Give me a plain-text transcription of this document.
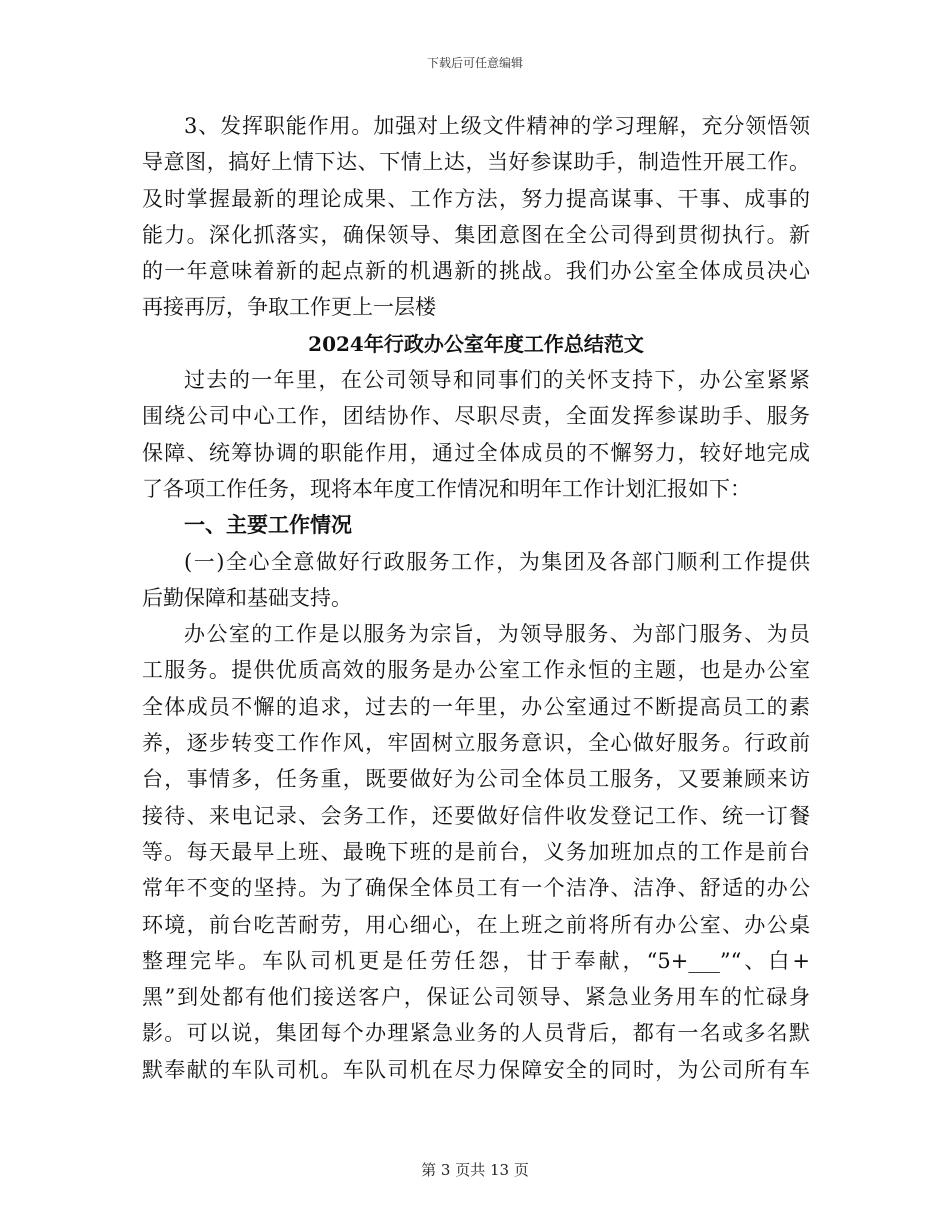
下载后可任意编辑
3、发挥职能作用。加强对上级文件精神的学习理解，充分领悟领
导意图，搞好上情下达、下情上达，当好参谋助手，制造性开展工作。
及时掌握最新的理论成果、工作方法，努力提高谋事、干事、成事的
能力。深化抓落实，确保领导、集团意图在全公司得到贯彻执行。新
的一年意味着新的起点新的机遇新的挑战。我们办公室全体成员决心
再接再厉，争取工作更上一层楼
2024年行政办公室年度工作总结范文
过去的一年里，在公司领导和同事们的关怀支持下，办公室紧紧
围绕公司中心工作，团结协作、尽职尽责，全面发挥参谋助手、服务
保障、统筹协调的职能作用，通过全体成员的不懈努力，较好地完成
了各项工作任务，现将本年度工作情况和明年工作计划汇报如下：
一、主要工作情况
(一)全心全意做好行政服务工作，为集团及各部门顺利工作提供
后勤保障和基础支持。
办公室的工作是以服务为宗旨，为领导服务、为部门服务、为员
工服务。提供优质高效的服务是办公室工作永恒的主题，也是办公室
全体成员不懈的追求，过去的一年里，办公室通过不断提高员工的素
养，逐步转变工作作风，牢固树立服务意识，全心做好服务。行政前
台，事情多，任务重，既要做好为公司全体员工服务，又要兼顾来访
接待、来电记录、会务工作，还要做好信件收发登记工作、统一订餐
等。每天最早上班、最晚下班的是前台，义务加班加点的工作是前台
常年不变的坚持。为了确保全体员工有一个洁净、洁净、舒适的办公
环境，前台吃苦耐劳，用心细心，在上班之前将所有办公室、办公桌
整理完毕。车队司机更是任劳任怨，甘于奉献，“5+___”“、白+
黑”到处都有他们接送客户，保证公司领导、紧急业务用车的忙碌身
影。可以说，集团每个办理紧急业务的人员背后，都有一名或多名默
默奉献的车队司机。车队司机在尽力保障安全的同时，为公司所有车
第 3 页共 13 页
